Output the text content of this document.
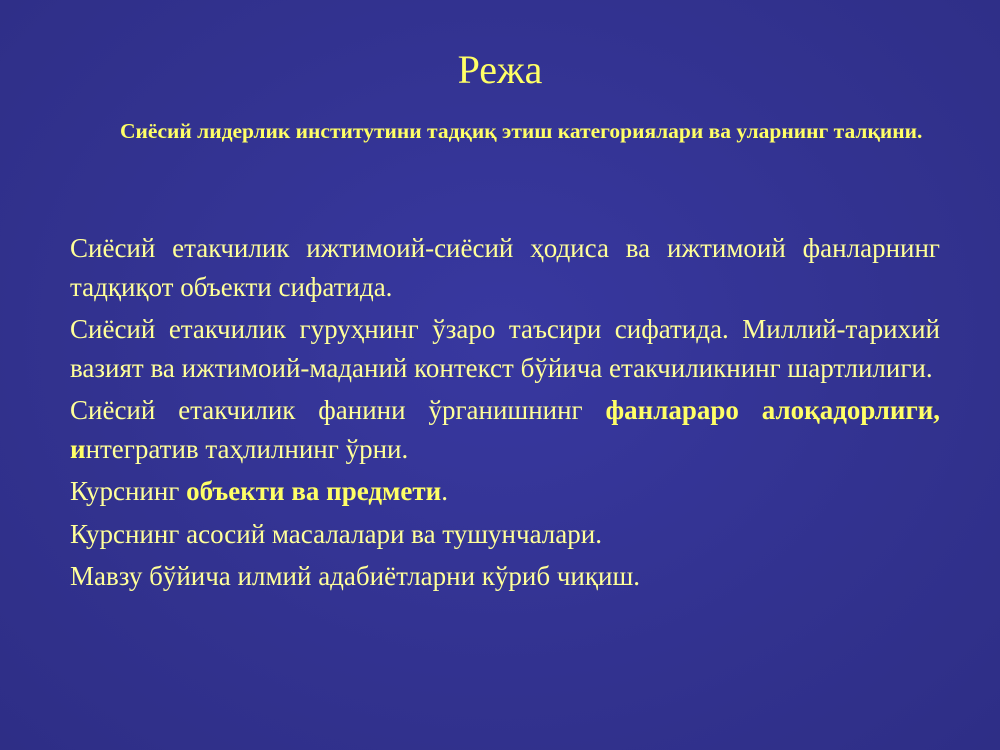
Режа
Сиёсий лидерлик институтини тадқиқ этиш категориялари ва уларнинг талқини.
Сиёсий етакчилик ижтимоий-сиёсий ҳодиса ва ижтимоий фанларнинг тадқиқот объекти сифатида.
Сиёсий етакчилик гуруҳнинг ўзаро таъсири сифатида. Миллий-тарихий вазият ва ижтимоий-маданий контекст бўйича етакчиликнинг шартлилиги.
Сиёсий етакчилик фанини ўрганишнинг фанлараро алоқадорлиги, интегратив таҳлилнинг ўрни.
Курснинг объекти ва предмети.
Курснинг асосий масалалари ва тушунчалари.
Мавзу бўйича илмий адабиётларни кўриб чиқиш.
